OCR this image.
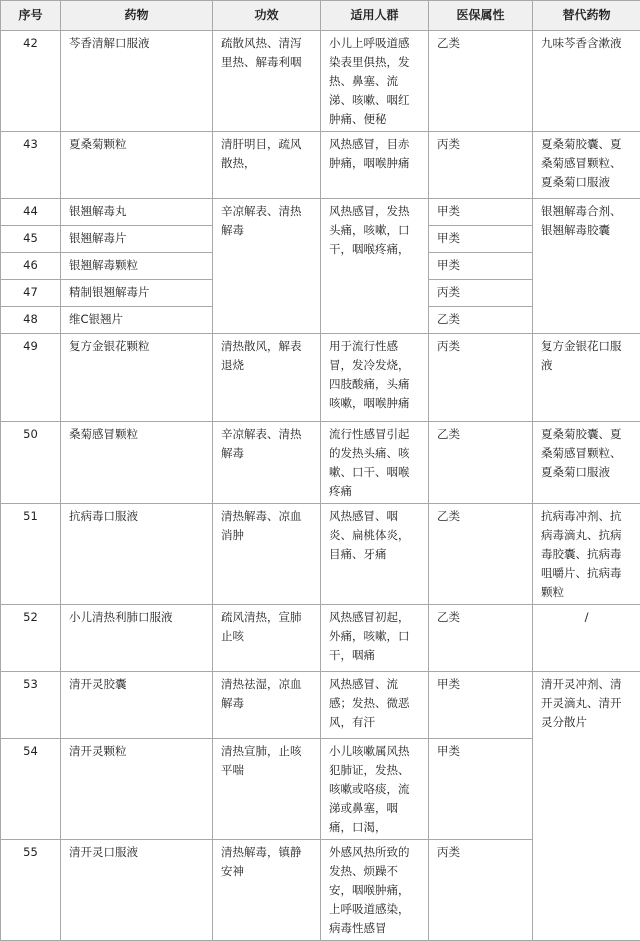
序号	药物	功效	适用人群	医保属性	替代药物
42	芩香清解口服液	疏散风热、清泻里热、解毒利咽	小儿上呼吸道感染表里俱热，发热、鼻塞、流涕、咳嗽、咽红肿痛、便秘	乙类	九味芩香含漱液
43	夏桑菊颗粒	清肝明目，疏风散热，	风热感冒，目赤肿痛，咽喉肿痛	丙类	夏桑菊胶囊、夏桑菊感冒颗粒、夏桑菊口服液
44	银翘解毒丸	辛凉解表、清热解毒	风热感冒，发热头痛，咳嗽，口干，咽喉疼痛，	甲类	银翘解毒合剂、银翘解毒胶囊
45	银翘解毒片			甲类	
46	银翘解毒颗粒			甲类	
47	精制银翘解毒片			丙类	
48	维C银翘片			乙类	
49	复方金银花颗粒	清热散风，解表退烧	用于流行性感冒，发冷发烧，四肢酸痛，头痛咳嗽，咽喉肿痛	丙类	复方金银花口服液
50	桑菊感冒颗粒	辛凉解表、清热解毒	流行性感冒引起的发热头痛、咳嗽、口干、咽喉疼痛	乙类	夏桑菊胶囊、夏桑菊感冒颗粒、夏桑菊口服液
51	抗病毒口服液	清热解毒、凉血消肿	风热感冒、咽炎、扁桃体炎，目痛、牙痛	乙类	抗病毒冲剂、抗病毒滴丸、抗病毒胶囊、抗病毒咀嚼片、抗病毒颗粒
52	小儿清热利肺口服液	疏风清热，宣肺止咳	风热感冒初起，外痛，咳嗽，口干，咽痛	乙类	/
53	清开灵胶囊	清热祛湿，凉血解毒	风热感冒、流感；发热、微恶风，有汗	甲类	清开灵冲剂、清开灵滴丸、清开灵分散片
54	清开灵颗粒	清热宣肺，止咳平喘	小儿咳嗽属风热犯肺证，发热、咳嗽或咯痰，流涕或鼻塞，咽痛，口渴，	甲类	
55	清开灵口服液	清热解毒，镇静安神	外感风热所致的发热、烦躁不安，咽喉肿痛，上呼吸道感染，病毒性感冒	丙类	
